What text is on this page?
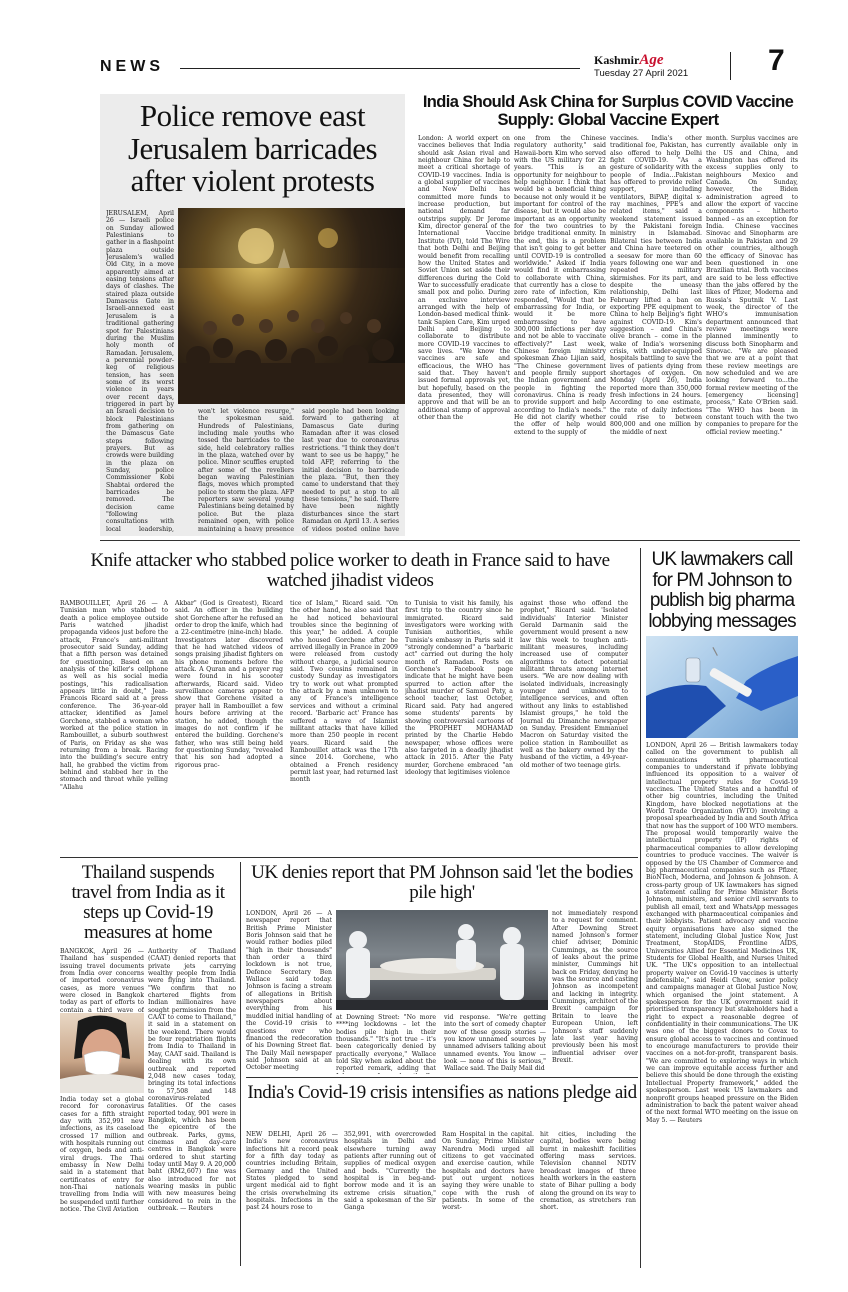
NEWS	KashmirAge
Tuesday 27 April 2021	7
Police remove east Jerusalem barricades after violent protests
JERUSALEM, April 26 — Israeli police on Sunday allowed Palestinians to gather in a flashpoint plaza outside Jerusalem's walled Old City, in a move apparently aimed at easing tensions after days of clashes. The staired plaza outside Damascus Gate in Israeli-annexed east Jerusalem is a traditional gathering spot for Palestinians during the Muslim holy month of Ramadan. Jerusalem, a perennial powder-keg of religious tension, has seen some of its worst violence in years over recent days, triggered in part by an Israeli decision to block Palestinians from gathering on the Damascus Gate steps following prayers. But as crowds were building in the plaza on Sunday, police Commissioner Kobi Shabtai ordered the barricades be removed. The decision came "following consultations with local leadership,
won't let violence resurge," the spokesman said. Hundreds of Palestinians, including male youths who tossed the barricades to the side, held celebratory rallies in the plaza, watched over by police. Minor scuffles erupted after some of the revellers began waving Palestinian flags, moves which prompted police to storm the plaza. AFP reporters saw several young Palestinians being detained by police. But the plaza remained open, with police maintaining a heavy presence
said people had been looking forward to gathering at Damascus Gate during Ramadan after it was closed last year due to coronavirus restrictions. "I think they don't want to see us be happy," he told AFP, referring to the initial decision to barricade the plaza. "But, then they came to understand that they needed to put a stop to all these tensions," he said. There have been nightly disturbances since the start Ramadan on April 13. A series of videos posted online have
India Should Ask China for Surplus COVID Vaccine Supply: Global Vaccine Expert
London: A world expert on vaccines believes that India should ask Asian rival and neighbour China for help to meet a critical shortage of COVID-19 vaccines. India is a global supplier of vaccines and New Delhi has committed more funds to increase production, but national demand far outstrips supply. Dr Jerome Kim, director general of the International Vaccine Institute (IVI), told The Wire that both Delhi and Beijing would benefit from recalling how the United States and Soviet Union set aside their differences during the Cold War to successfully eradicate small pox and polio. During an exclusive interview arranged with the help of London-based medical think-tank Sapien Care, Kim urged Delhi and Beijing to collaborate to distribute more COVID-19 vaccines to save lives. "We know the vaccines are safe and efficacious, the WHO has said that. They haven't issued formal approvals yet, but hopefully, based on the data presented, they will approve and that will be an additional stamp of approval other than the
one from the Chinese regulatory authority," said Hawaii-born Kim who served with the US military for 22 years. "This is an opportunity for neighbour to help neighbour. I think that would be a beneficial thing because not only would it be important for control of the disease, but it would also be important as an opportunity for the two countries to bridge traditional enmity. In the end, this is a problem that isn't going to get better until COVID-19 is controlled worldwide." Asked if India would find it embarrassing to collaborate with China, that currently has a close to zero rate of infection, Kim responded, "Would that be embarrassing for India, or would it be more embarrassing to have 300,000 infections per day and not be able to vaccinate effectively?" Last week, Chinese foreign ministry spokesman Zhao Lijian said, "The Chinese government and people firmly support the Indian government and people in fighting the coronavirus. China is ready to provide support and help according to India's needs." He did not clarify whether the offer of help would extend to the supply of
vaccines. India's other traditional foe, Pakistan, has also offered to help Delhi fight COVID-19. "As a gesture of solidarity with the people of India...Pakistan has offered to provide relief support, including ventilators, BiPAP, digital x-ray machines, PPE's and related items," said a weekend statement issued by the Pakistani foreign ministry in Islamabad. Bilateral ties between India and China have teetered on a seesaw for more than 60 years following one war and repeated military skirmishes. For its part, and despite the uneasy relationship, Delhi last February lifted a ban on exporting PPE equipment to China to help Beijing's fight against COVID-19. Kim's suggestion – and China's olive branch – come in the wake of India's worsening crisis, with under-equipped hospitals battling to save the lives of patients dying from shortages of oxygen. On Monday (April 26), India reported more than 350,000 fresh infections in 24 hours. According to one estimate, the rate of daily infections could rise to between 800,000 and one million by the middle of next
month. Surplus vaccines are currently available only in the US and China, and Washington has offered its excess supplies only to neighbours Mexico and Canada. On Sunday, however, the Biden administration agreed to allow the export of vaccine components – hitherto banned – as an exception for India. Chinese vaccines Sinovac and Sinopharm are available in Pakistan and 29 other countries, although the efficacy of Sinovac has been questioned in one Brazilian trial. Both vaccines are said to be less effective than the jabs offered by the likes of Pfizer, Moderna and Russia's Sputnik V. Last week, the director of the WHO's immunisation department announced that review meetings were planned imminently to discuss both Sinopharm and Sinovac. "We are pleased that we are at a point that these review meetings are now scheduled and we are looking forward to...the formal review meeting of the [emergency licensing] process," Kate O'Brien said. "The WHO has been in constant touch with the two companies to prepare for the official review meeting."
Knife attacker who stabbed police worker to death in France said to have watched jihadist videos
RAMBOUILLET, April 26 — A Tunisian man who stabbed to death a police employee outside Paris watched jihadist propaganda videos just before the attack, France's anti-militant prosecutor said Sunday, adding that a fifth person was detained for questioning. Based on an analysis of the killer's cellphone as well as his social media postings, "his radicalisation appears little in doubt," Jean-Francois Ricard said at a press conference. The 36-year-old attacker, identified as Jamel Gorchene, stabbed a woman who worked at the police station in Rambouillet, a suburb southwest of Paris, on Friday as she was returning from a break. Racing into the building's secure entry hall, he grabbed the victim from behind and stabbed her in the stomach and throat while yelling "Allahu
Akbar" (God is Greatest), Ricard said. An officer in the building shot Gorchene after he refused an order to drop the knife, which had a 22-centimetre (nine-inch) blade. Investigators later discovered that he had watched videos of songs praising jihadist fighters on his phone moments before the attack. A Quran and a prayer rug were found in his scooter afterwards, Ricard said. Video surveillance cameras appear to show that Gorchene visited a prayer hall in Rambouillet a few hours before arriving at the station, he added, though the images do not confirm if he entered the building. Gorchene's father, who was still being held for questioning Sunday, "revealed that his son had adopted a rigorous prac-
tice of Islam," Ricard said. "On the other hand, he also said that he had noticed behavioural troubles since the beginning of this year," he added. A couple who housed Gorchene after he arrived illegally in France in 2009 were released from custody without charge, a judicial source said. Two cousins remained in custody Sunday as investigators try to work out what prompted the attack by a man unknown to any of France's intelligence services and without a criminal record. 'Barbaric act' France has suffered a wave of Islamist militant attacks that have killed more than 250 people in recent years. Ricard said the Rambouillet attack was the 17th since 2014. Gorchene, who obtained a French residency permit last year, had returned last month
to Tunisia to visit his family, his first trip to the country since he immigrated. Ricard said investigators were working with Tunisian authorities, while Tunisia's embassy in Paris said it "strongly condemned" a "barbaric act" carried out during the holy month of Ramadan. Posts on Gorchene's Facebook page indicate that he might have been spurred to action after the jihadist murder of Samuel Paty, a school teacher, last October, Ricard said. Paty had angered some students' parents by showing controversial cartoons of the PROPHET MOHAMAD printed by the Charlie Hebdo newspaper, whose offices were also targeted in a deadly jihadist attack in 2015. After the Paty murder, Gorchene embraced "an ideology that legitimises violence
against those who offend the prophet," Ricard said. 'Isolated individuals' Interior Minister Gerald Darmanin said the government would present a new law this week to toughen anti-militant measures, including increased use of computer algorithms to detect potential militant threats among internet users. "We are now dealing with isolated individuals, increasingly younger and unknown to intelligence services, and often without any links to established Islamist groups," he told the Journal du Dimanche newspaper on Sunday. President Emmanuel Macron on Saturday visited the police station in Rambouillet as well as the bakery owned by the husband of the victim, a 49-year-old mother of two teenage girls.
UK lawmakers call for PM Johnson to publish big pharma lobbying messages
LONDON, April 26 — British lawmakers today called on the government to publish all communications with pharmaceutical companies to understand if private lobbying influenced its opposition to a waiver of intellectual property rules for Covid-19 vaccines. The United States and a handful of other big countries, including the United Kingdom, have blocked negotiations at the World Trade Organization (WTO) involving a proposal spearheaded by India and South Africa that now has the support of 100 WTO members. The proposal would temporarily waive the intellectual property (IP) rights of pharmaceutical companies to allow developing countries to produce vaccines. The waiver is opposed by the US Chamber of Commerce and big pharmaceutical companies such as Pfizer, BioNTech, Moderna, and Johnson & Johnson. A cross-party group of UK lawmakers has signed a statement calling for Prime Minister Boris Johnson, ministers, and senior civil servants to publish all email, text and WhatsApp messages exchanged with pharmaceutical companies and their lobbyists. Patient advocacy and vaccine equity organisations have also signed the statement, including Global Justice Now, Just Treatment, StopAIDS, Frontline AIDS, Universities Allied for Essential Medicines UK, Students for Global Health, and Nurses United UK. "The UK's opposition to an intellectual property waiver on Covid-19 vaccines is utterly indefensible," said Heidi Chow, senior policy and campaigns manager at Global Justice Now, which organised the joint statement. A spokesperson for the UK government said it prioritised transparency but stakeholders had a right to expect a reasonable degree of confidentiality in their communications. The UK was one of the biggest donors to Covax to ensure global access to vaccines and continued to encourage manufacturers to provide their vaccines on a not-for-profit, transparent basis. "We are committed to exploring ways in which we can improve equitable access further and believe this should be done through the existing Intellectual Property framework," added the spokesperson. Last week US lawmakers and nonprofit groups heaped pressure on the Biden administration to back the patent waiver ahead of the next formal WTO meeting on the issue on May 5. — Reuters
Thailand suspends travel from India as it steps up Covid-19 measures at home
BANGKOK, April 26 — Thailand has suspended issuing travel documents from India over concerns of imported coronavirus cases, as more venues were closed in Bangkok today as part of efforts to contain a third wave of
India today set a global record for coronavirus cases for a fifth straight day with 352,991 new infections, as its caseload crossed 17 million and with hospitals running out of oxygen, beds and anti-viral drugs. The Thai embassy in New Delhi said in a statement that certificates of entry for non-Thai nationals travelling from India will be suspended until further notice. The Civil Aviation
Authority of Thailand (CAAT) denied reports that private jets carrying wealthy people from India were flying into Thailand. "We confirm that no chartered flights from Indian millionaires have sought permission from the CAAT to come to Thailand," it said in a statement on the weekend. There would be four repatriation flights from India to Thailand in May, CAAT said. Thailand is dealing with its own outbreak and reported 2,048 new cases today, bringing its total infections to 57,508 and 148 coronavirus-related fatalities. Of the cases reported today, 901 were in Bangkok, which has been the epicentre of the outbreak. Parks, gyms, cinemas and day-care centres in Bangkok were ordered to shut starting today until May 9. A 20,000 baht (RM2,607) fine was also introduced for not wearing masks in public with new measures being considered to rein in the outbreak. — Reuters
UK denies report that PM Johnson said 'let the bodies pile high'
LONDON, April 26 — A newspaper report that British Prime Minister Boris Johnson said that he would rather bodies piled "high in their thousands" than order a third lockdown is not true, Defence Secretary Ben Wallace said today. Johnson is facing a stream of allegations in British newspapers about everything from his muddled initial handling of the Covid-19 crisis to questions over who financed the redecoration of his Downing Street flat. The Daily Mail newspaper said Johnson said at an October meeting
at Downing Street: "No more ****ing lockdowns – let the bodies pile high in their thousands." "It's not true – it's been categorically denied by practically everyone," Wallace told Sky when asked about the reported remark, adding that
vid response. "We're getting into the sort of comedy chapter now of these gossip stories — you know unnamed sources by unnamed advisers talking about unnamed events. You know — look — none of this is serious," Wallace said. The Daily Mail did
not immediately respond to a request for comment. After Downing Street named Johnson's former chief adviser, Dominic Cummings, as the source of leaks about the prime minister, Cummings hit back on Friday, denying he was the source and casting Johnson as incompetent and lacking in integrity. Cummings, architect of the Brexit campaign for Britain to leave the European Union, left Johnson's staff suddenly late last year having previously been his most influential adviser over Brexit.
India's Covid-19 crisis intensifies as nations pledge aid
NEW DELHI, April 26 — India's new coronavirus infections hit a record peak for a fifth day today as countries including Britain, Germany and the United States pledged to send urgent medical aid to fight the crisis overwhelming its hospitals. Infections in the past 24 hours rose to
352,991, with overcrowded hospitals in Delhi and elsewhere turning away patients after running out of supplies of medical oxygen and beds. "Currently the hospital is in beg-and-borrow mode and it is an extreme crisis situation," said a spokesman of the Sir Ganga
Ram Hospital in the capital. On Sunday, Prime Minister Narendra Modi urged all citizens to get vaccinated and exercise caution, while hospitals and doctors have put out urgent notices saying they were unable to cope with the rush of patients. In some of the worst-
hit cities, including the capital, bodies were being burnt in makeshift facilities offering mass services. Television channel NDTV broadcast images of three health workers in the eastern state of Bihar pulling a body along the ground on its way to cremation, as stretchers ran short.
